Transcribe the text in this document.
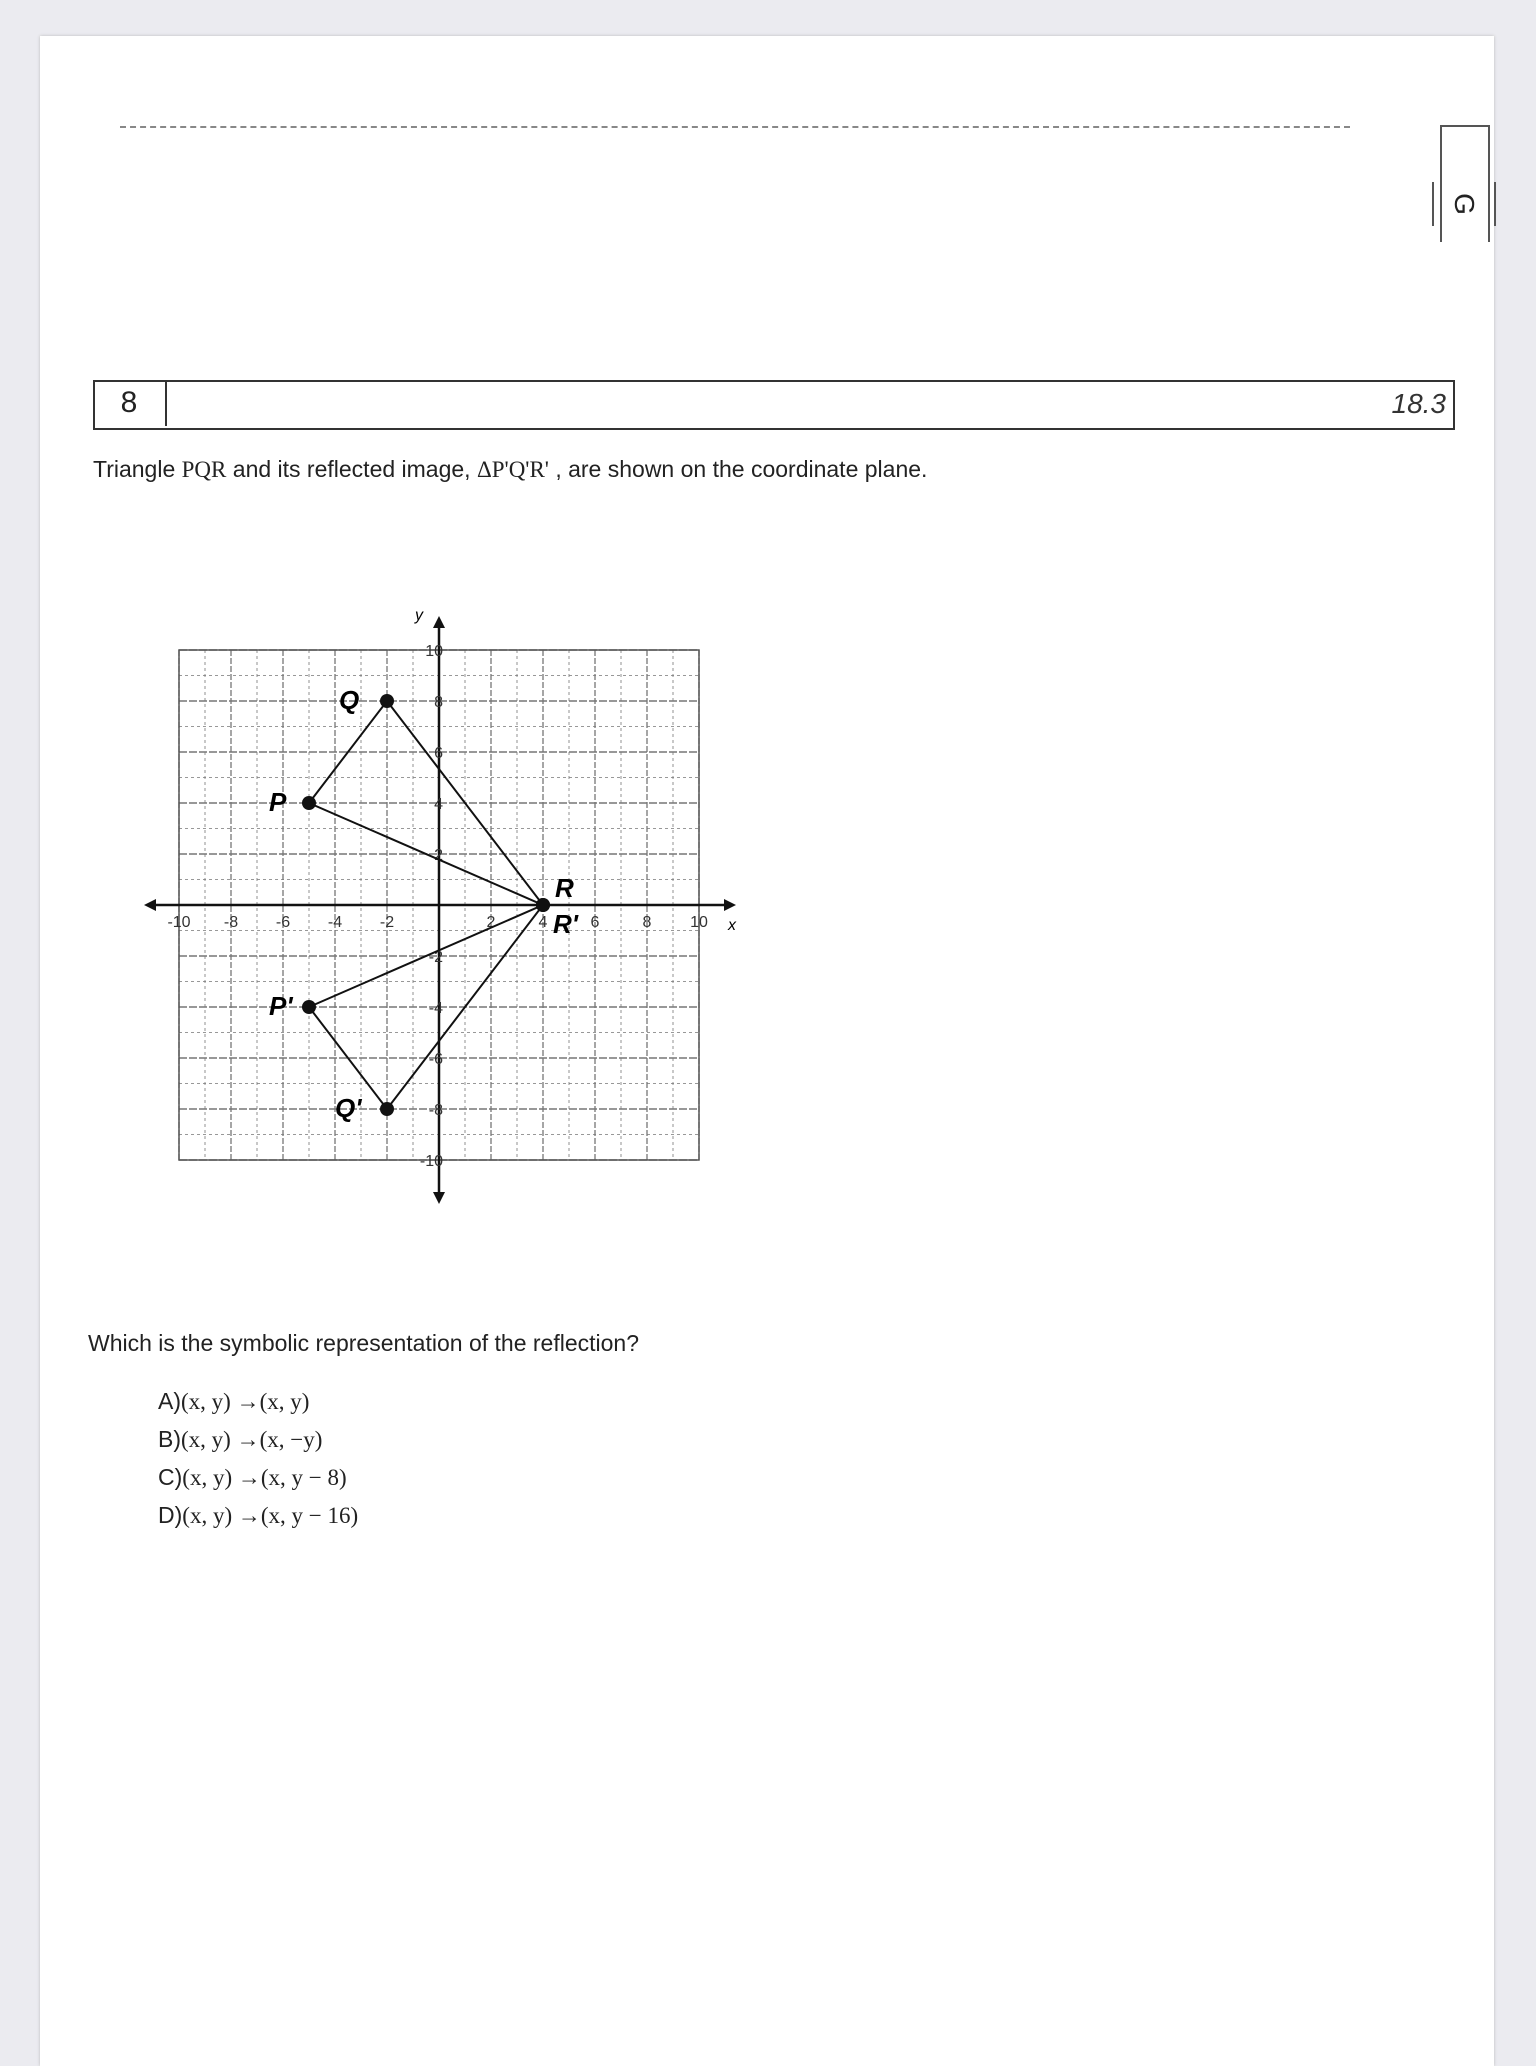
G
8	18.3
Triangle PQR and its reflected image, ΔP'Q'R' , are shown on the coordinate plane.
x
y
-10 -8 -6 -4 -2	2	4	6	8 10
-10
-8
-6
-4
-2
2
4
6
8
10
P
Q
R
P'
Q'
R'
Which is the symbolic representation of the reflection?
A)(x, y) →(x, y)
B)(x, y) →(x, −y)
C)(x, y) →(x, y − 8)
D)(x, y) →(x, y − 16)
